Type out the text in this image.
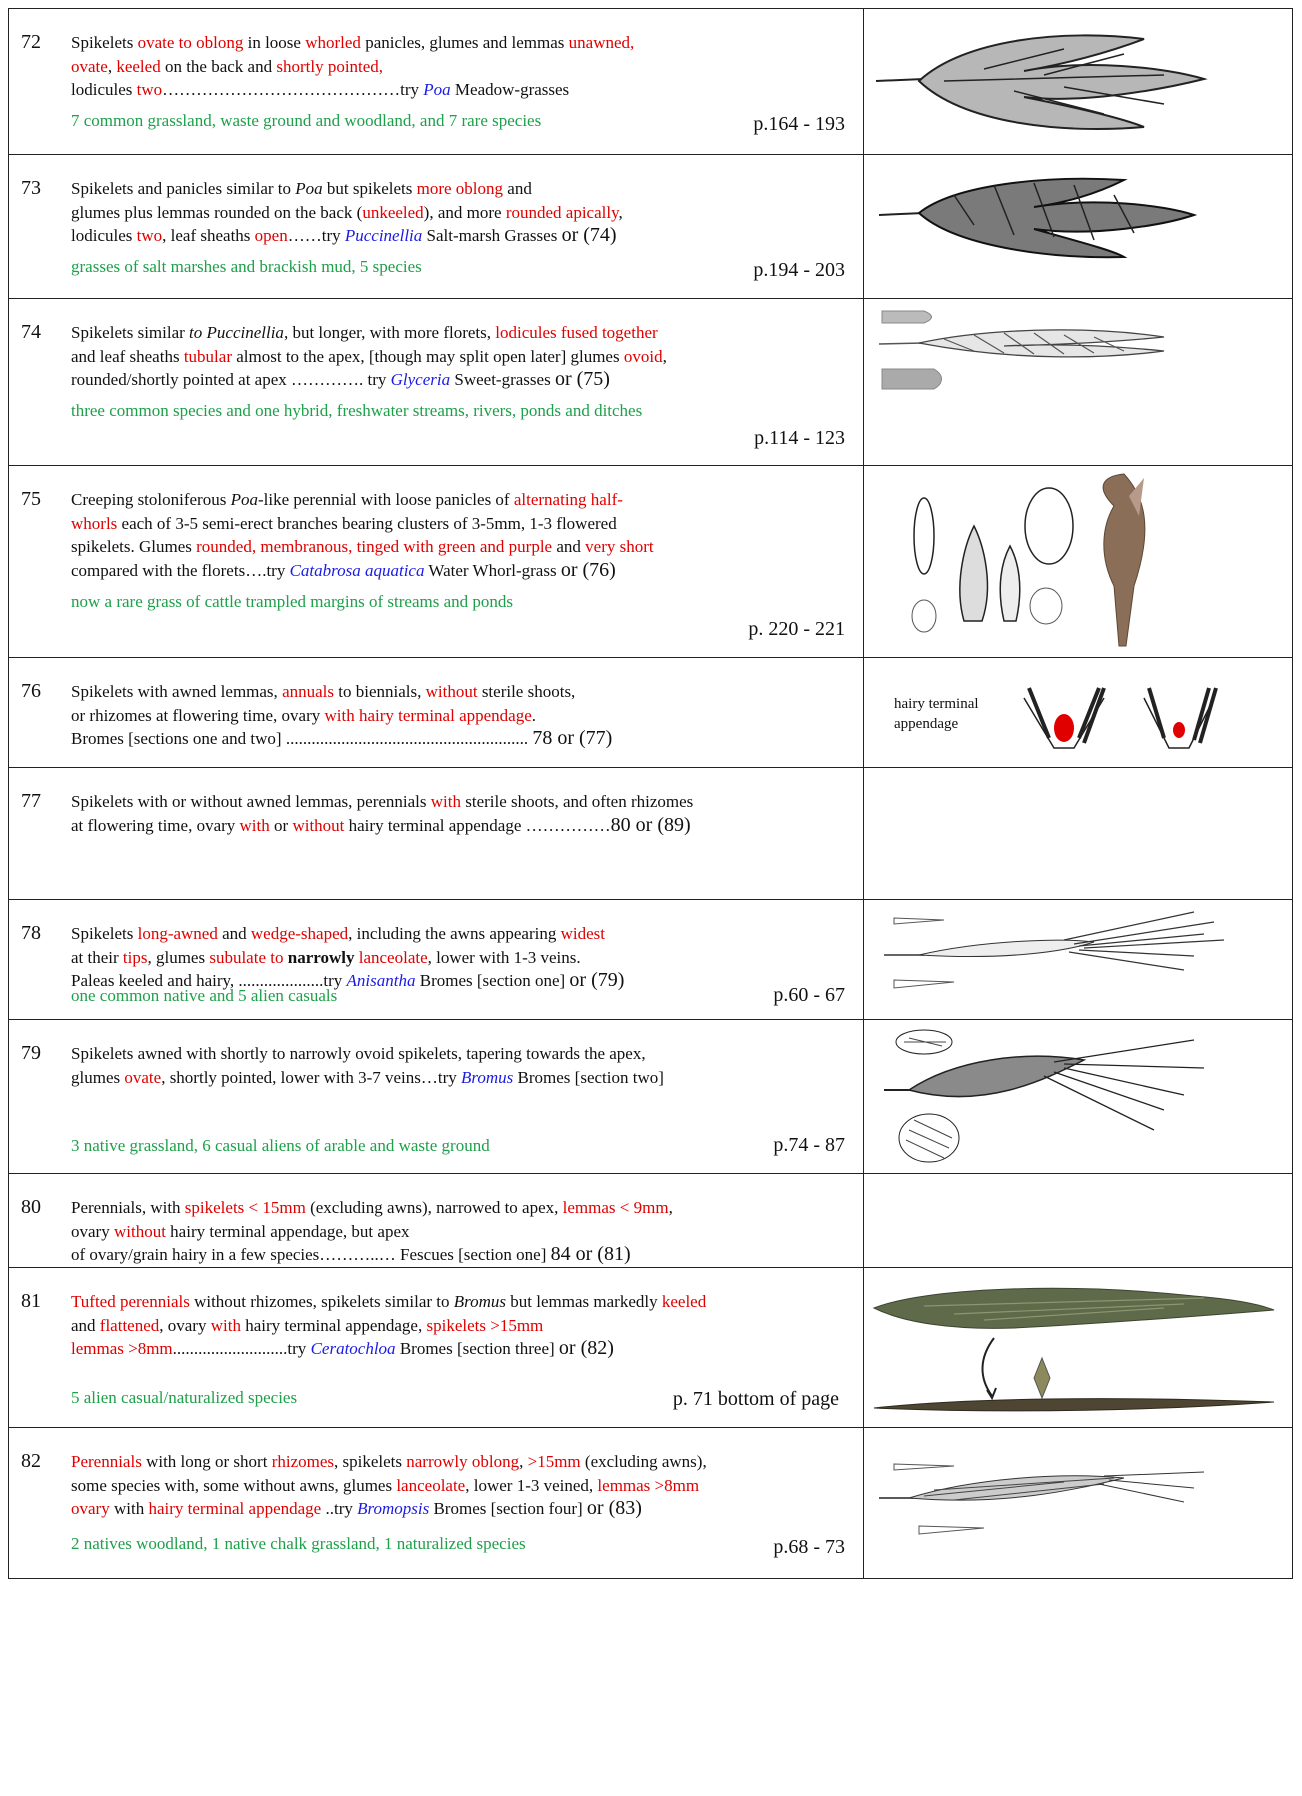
72 Spikelets ovate to oblong in loose whorled panicles, glumes and lemmas unawned,
ovate, keeled on the back and shortly pointed,
lodicules two……………………………………try Poa Meadow-grasses
7 common grassland, waste ground and woodland, and 7 rare species	p.164 - 193
73 Spikelets and panicles similar to Poa but spikelets more oblong and
glumes plus lemmas rounded on the back (unkeeled), and more rounded apically,
lodicules two, leaf sheaths open……try Puccinellia Salt-marsh Grasses or (74)
grasses of salt marshes and brackish mud, 5 species	p.194 - 203
74 Spikelets similar to Puccinellia, but longer, with more florets, lodicules fused together
and leaf sheaths tubular almost to the apex, [though may split open later] glumes ovoid,
rounded/shortly pointed at apex …………. try Glyceria Sweet-grasses or (75)
three common species and one hybrid, freshwater streams, rivers, ponds and ditches
p.114 - 123
75 Creeping stoloniferous Poa-like perennial with loose panicles of alternating half-
whorls each of 3-5 semi-erect branches bearing clusters of 3-5mm, 1-3 flowered
spikelets. Glumes rounded, membranous, tinged with green and purple and very short
compared with the florets….try Catabrosa aquatica Water Whorl-grass or (76)
now a rare grass of cattle trampled margins of streams and ponds
p. 220 - 221
76 Spikelets with awned lemmas, annuals to biennials, without sterile shoots,
or rhizomes at flowering time, ovary with hairy terminal appendage.
Bromes [sections one and two] ......................................................... 78 or (77)
hairy terminal
appendage
77 Spikelets with or without awned lemmas, perennials with sterile shoots, and often rhizomes
at flowering time, ovary with or without hairy terminal appendage ……………80 or (89)
78 Spikelets long-awned and wedge-shaped, including the awns appearing widest
at their tips, glumes subulate to narrowly lanceolate, lower with 1-3 veins.
Paleas keeled and hairy, ....................try Anisantha Bromes [section one] or (79)
one common native and 5 alien casuals	p.60 - 67
79 Spikelets awned with shortly to narrowly ovoid spikelets, tapering towards the apex,
glumes ovate, shortly pointed, lower with 3-7 veins…try Bromus Bromes [section two]
3 native grassland, 6 casual aliens of arable and waste ground	p.74 - 87
80 Perennials, with spikelets < 15mm (excluding awns), narrowed to apex, lemmas < 9mm,
ovary without hairy terminal appendage, but apex
of ovary/grain hairy in a few species………..… Fescues [section one] 84 or (81)
81 Tufted perennials without rhizomes, spikelets similar to Bromus but lemmas markedly keeled
and flattened, ovary with hairy terminal appendage, spikelets >15mm
lemmas >8mm...........................try Ceratochloa Bromes [section three] or (82)
5 alien casual/naturalized species	p. 71 bottom of page
82 Perennials with long or short rhizomes, spikelets narrowly oblong, >15mm (excluding awns),
some species with, some without awns, glumes lanceolate, lower 1-3 veined, lemmas >8mm
ovary with hairy terminal appendage ..try Bromopsis Bromes [section four] or (83)
2 natives woodland, 1 native chalk grassland, 1 naturalized species	p.68 - 73
